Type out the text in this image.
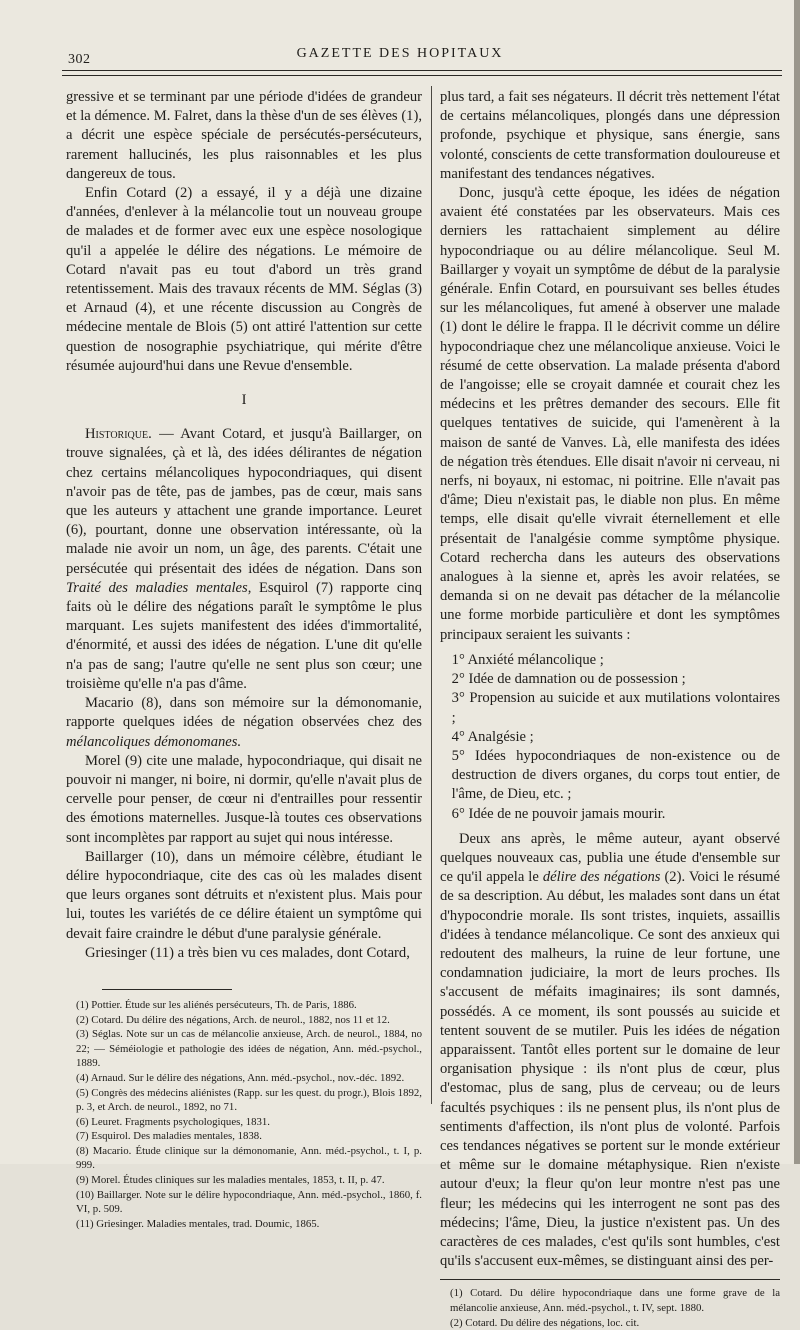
302	GAZETTE DES HOPITAUX

gressive et se terminant par une période d'idées de grandeur et la démence. M. Falret, dans la thèse d'un de ses élèves (1), a décrit une espèce spéciale de persécutés-persécuteurs, rarement hallucinés, les plus raisonnables et les plus dangereux de tous.

Enfin Cotard (2) a essayé, il y a déjà une dizaine d'années, d'enlever à la mélancolie tout un nouveau groupe de malades et de former avec eux une espèce nosologique qu'il a appelée le délire des négations. Le mémoire de Cotard n'avait pas eu tout d'abord un très grand retentissement. Mais des travaux récents de MM. Séglas (3) et Arnaud (4), et une récente discussion au Congrès de médecine mentale de Blois (5) ont attiré l'attention sur cette question de nosographie psychiatrique, qui mérite d'être résumée aujourd'hui dans une Revue d'ensemble.

I

Historique. — Avant Cotard, et jusqu'à Baillarger, on trouve signalées, çà et là, des idées délirantes de négation chez certains mélancoliques hypocondriaques, qui disent n'avoir pas de tête, pas de jambes, pas de cœur, mais sans que les auteurs y attachent une grande importance. Leuret (6), pourtant, donne une observation intéressante, où la malade nie avoir un nom, un âge, des parents. C'était une persécutée qui présentait des idées de négation. Dans son Traité des maladies mentales, Esquirol (7) rapporte cinq faits où le délire des négations paraît le symptôme le plus marquant. Les sujets manifestent des idées d'immortalité, d'énormité, et aussi des idées de négation. L'une dit qu'elle n'a pas de sang; l'autre qu'elle ne sent plus son cœur; une troisième qu'elle n'a pas d'âme.

Macario (8), dans son mémoire sur la démonomanie, rapporte quelques idées de négation observées chez des mélancoliques démonomanes.

Morel (9) cite une malade, hypocondriaque, qui disait ne pouvoir ni manger, ni boire, ni dormir, qu'elle n'avait plus de cervelle pour penser, de cœur ni d'entrailles pour ressentir des émotions maternelles. Jusque-là toutes ces observations sont incomplètes par rapport au sujet qui nous intéresse.

Baillarger (10), dans un mémoire célèbre, étudiant le délire hypocondriaque, cite des cas où les malades disent que leurs organes sont détruits et n'existent plus. Mais pour lui, toutes les variétés de ce délire étaient un symptôme qui devait faire craindre le début d'une paralysie générale.

Griesinger (11) a très bien vu ces malades, dont Cotard,

(1) Pottier. Étude sur les aliénés persécuteurs, Th. de Paris, 1886.

(2) Cotard. Du délire des négations, Arch. de neurol., 1882, nos 11 et 12.

(3) Séglas. Note sur un cas de mélancolie anxieuse, Arch. de neurol., 1884, no 22; — Séméiologie et pathologie des idées de négation, Ann. méd.-psychol., 1889.

(4) Arnaud. Sur le délire des négations, Ann. méd.-psychol., nov.-déc. 1892.

(5) Congrès des médecins aliénistes (Rapp. sur les quest. du progr.), Blois 1892, p. 3, et Arch. de neurol., 1892, no 71.

(6) Leuret. Fragments psychologiques, 1831.

(7) Esquirol. Des maladies mentales, 1838.

(8) Macario. Étude clinique sur la démonomanie, Ann. méd.-psychol., t. I, p. 999.

(9) Morel. Études cliniques sur les maladies mentales, 1853, t. II, p. 47.

(10) Baillarger. Note sur le délire hypocondriaque, Ann. méd.-psychol., 1860, f. VI, p. 509.

(11) Griesinger. Maladies mentales, trad. Doumic, 1865.

plus tard, a fait ses négateurs. Il décrit très nettement l'état de certains mélancoliques, plongés dans une dépression profonde, psychique et physique, sans énergie, sans volonté, conscients de cette transformation douloureuse et manifestant des tendances négatives.

Donc, jusqu'à cette époque, les idées de négation avaient été constatées par les observateurs. Mais ces derniers les rattachaient simplement au délire hypocondriaque ou au délire mélancolique. Seul M. Baillarger y voyait un symptôme de début de la paralysie générale. Enfin Cotard, en poursuivant ses belles études sur les mélancoliques, fut amené à observer une malade (1) dont le délire le frappa. Il le décrivit comme un délire hypocondriaque chez une mélancolique anxieuse. Voici le résumé de cette observation. La malade présenta d'abord de l'angoisse; elle se croyait damnée et courait chez les médecins et les prêtres demander des secours. Elle fit quelques tentatives de suicide, qui l'amenèrent à la maison de santé de Vanves. Là, elle manifesta des idées de négation très étendues. Elle disait n'avoir ni cerveau, ni nerfs, ni boyaux, ni estomac, ni poitrine. Elle n'avait pas d'âme; Dieu n'existait pas, le diable non plus. En même temps, elle disait qu'elle vivrait éternellement et elle présentait de l'analgésie comme symptôme physique. Cotard rechercha dans les auteurs des observations analogues à la sienne et, après les avoir relatées, se demanda si on ne devait pas détacher de la mélancolie une forme morbide particulière et dont les symptômes principaux seraient les suivants :

1° Anxiété mélancolique ;

2° Idée de damnation ou de possession ;

3° Propension au suicide et aux mutilations volontaires ;

4° Analgésie ;

5° Idées hypocondriaques de non-existence ou de destruction de divers organes, du corps tout entier, de l'âme, de Dieu, etc. ;

6° Idée de ne pouvoir jamais mourir.

Deux ans après, le même auteur, ayant observé quelques nouveaux cas, publia une étude d'ensemble sur ce qu'il appela le délire des négations (2). Voici le résumé de sa description. Au début, les malades sont dans un état d'hypocondrie morale. Ils sont tristes, inquiets, assaillis d'idées à tendance mélancolique. Ce sont des anxieux qui redoutent des malheurs, la ruine de leur fortune, une condamnation judiciaire, la mort de leurs proches. Ils s'accusent de méfaits imaginaires; ils sont damnés, possédés. A ce moment, ils sont poussés au suicide et tentent souvent de se mutiler. Puis les idées de négation apparaissent. Tantôt elles portent sur le domaine de leur organisation physique : ils n'ont plus de cœur, plus d'estomac, plus de sang, plus de cerveau; ou de leurs facultés psychiques : ils ne pensent plus, ils n'ont plus de sentiments d'affection, ils n'ont plus de volonté. Parfois ces tendances négatives se portent sur le monde extérieur et même sur le domaine métaphysique. Rien n'existe autour d'eux; la fleur qu'on leur montre n'est pas une fleur; les médecins qui les interrogent ne sont pas des médecins; l'âme, Dieu, la justice n'existent pas. Un des caractères de ces malades, c'est qu'ils sont humbles, c'est qu'ils s'accusent eux-mêmes, se distinguant ainsi des per-

(1) Cotard. Du délire hypocondriaque dans une forme grave de la mélancolie anxieuse, Ann. méd.-psychol., t. IV, sept. 1880.

(2) Cotard. Du délire des négations, loc. cit.
